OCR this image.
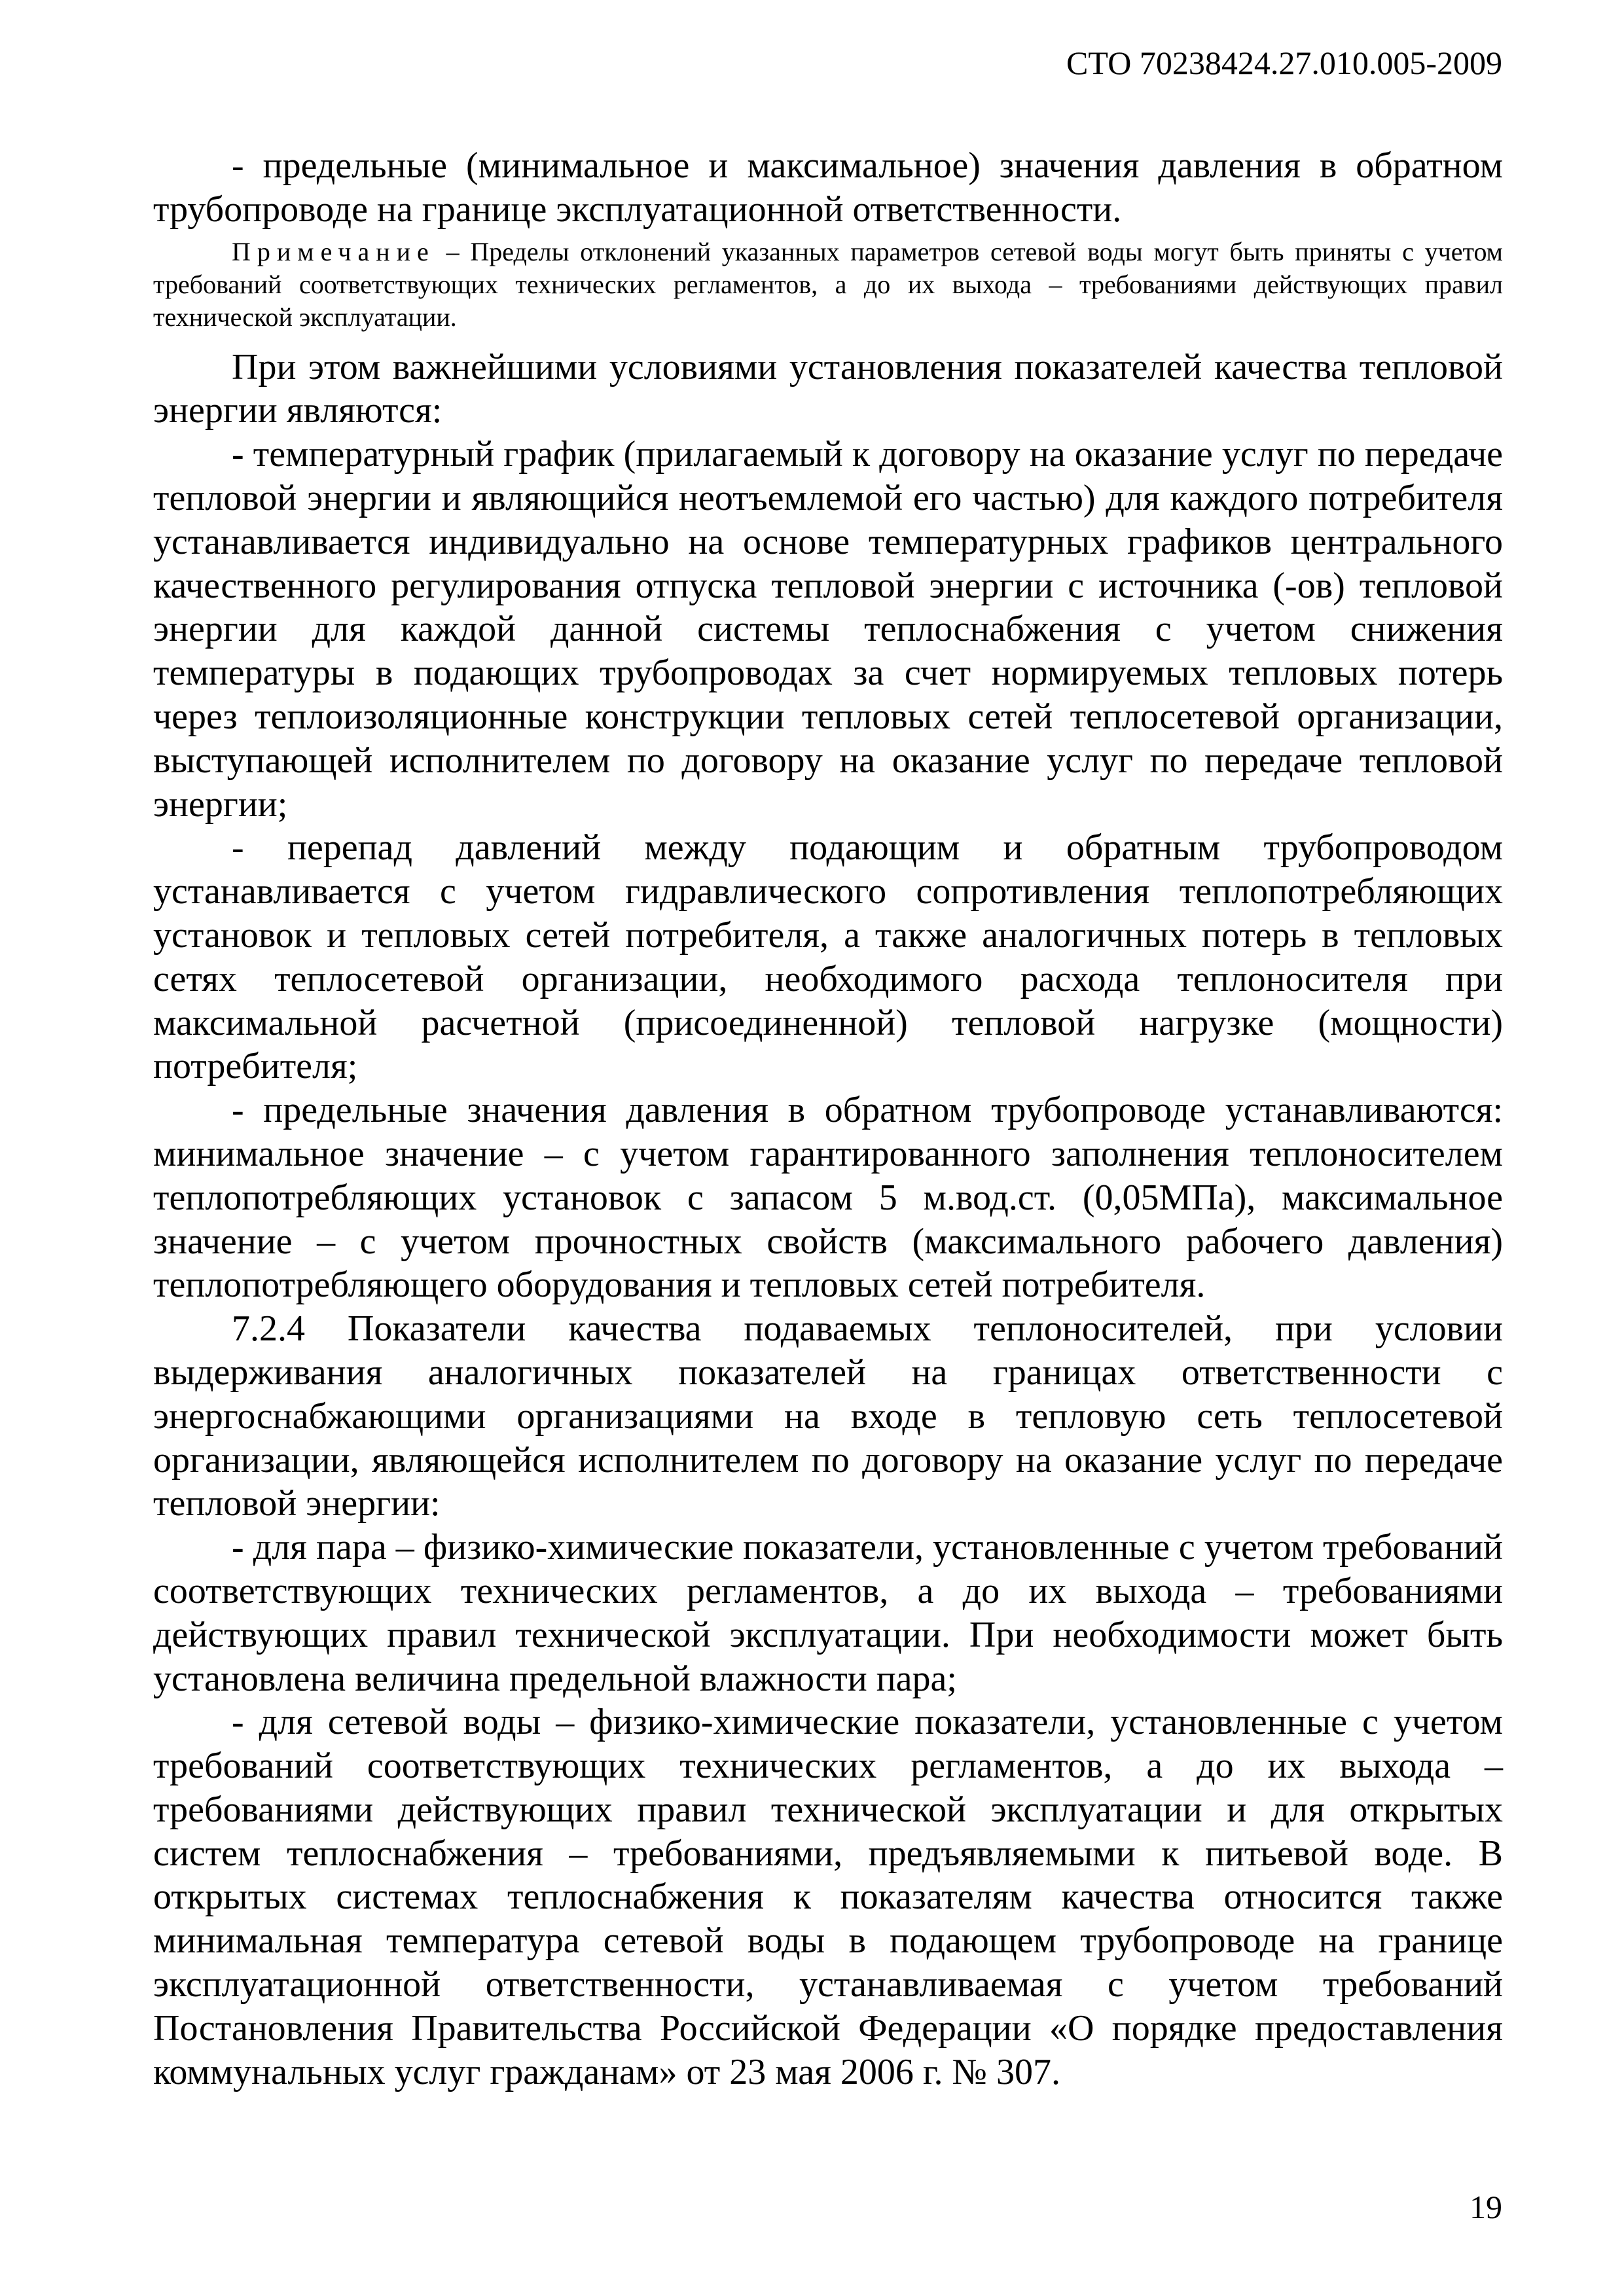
СТО 70238424.27.010.005-2009

- предельные (минимальное и максимальное) значения давления в обратном трубопроводе на границе эксплуатационной ответственности.

Примечание – Пределы отклонений указанных параметров сетевой воды могут быть приняты с учетом требований соответствующих технических регламентов, а до их выхода – требованиями действующих правил технической эксплуатации.

При этом важнейшими условиями установления показателей качества тепловой энергии являются:

- температурный график (прилагаемый к договору на оказание услуг по передаче тепловой энергии и являющийся неотъемлемой его частью) для каждого потребителя устанавливается индивидуально на основе температурных графиков центрального качественного регулирования отпуска тепловой энергии с источника (-ов) тепловой энергии для каждой данной системы теплоснабжения с учетом снижения температуры в подающих трубопроводах за счет нормируемых тепловых потерь через теплоизоляционные конструкции тепловых сетей теплосетевой организации, выступающей исполнителем по договору на оказание услуг по передаче тепловой энергии;

- перепад давлений между подающим и обратным трубопроводом устанавливается с учетом гидравлического сопротивления теплопотребляющих установок и тепловых сетей потребителя, а также аналогичных потерь в тепловых сетях теплосетевой организации, необходимого расхода теплоносителя при максимальной расчетной (присоединенной) тепловой нагрузке (мощности) потребителя;

- предельные значения давления в обратном трубопроводе устанавливаются: минимальное значение – с учетом гарантированного заполнения теплоносителем теплопотребляющих установок с запасом 5 м.вод.ст. (0,05МПа), максимальное значение – с учетом прочностных свойств (максимального рабочего давления) теплопотребляющего оборудования и тепловых сетей потребителя.

7.2.4 Показатели качества подаваемых теплоносителей, при условии выдерживания аналогичных показателей на границах ответственности с энергоснабжающими организациями на входе в тепловую сеть теплосетевой организации, являющейся исполнителем по договору на оказание услуг по передаче тепловой энергии:

- для пара – физико-химические показатели, установленные с учетом требований соответствующих технических регламентов, а до их выхода – требованиями действующих правил технической эксплуатации. При необходимости может быть установлена величина предельной влажности пара;

- для сетевой воды – физико-химические показатели, установленные с учетом требований соответствующих технических регламентов, а до их выхода – требованиями действующих правил технической эксплуатации и для открытых систем теплоснабжения – требованиями, предъявляемыми к питьевой воде. В открытых системах теплоснабжения к показателям качества относится также минимальная температура сетевой воды в подающем трубопроводе на границе эксплуатационной ответственности, устанавливаемая с учетом требований Постановления Правительства Российской Федерации «О порядке предоставления коммунальных услуг гражданам» от 23 мая 2006 г. № 307.

19
